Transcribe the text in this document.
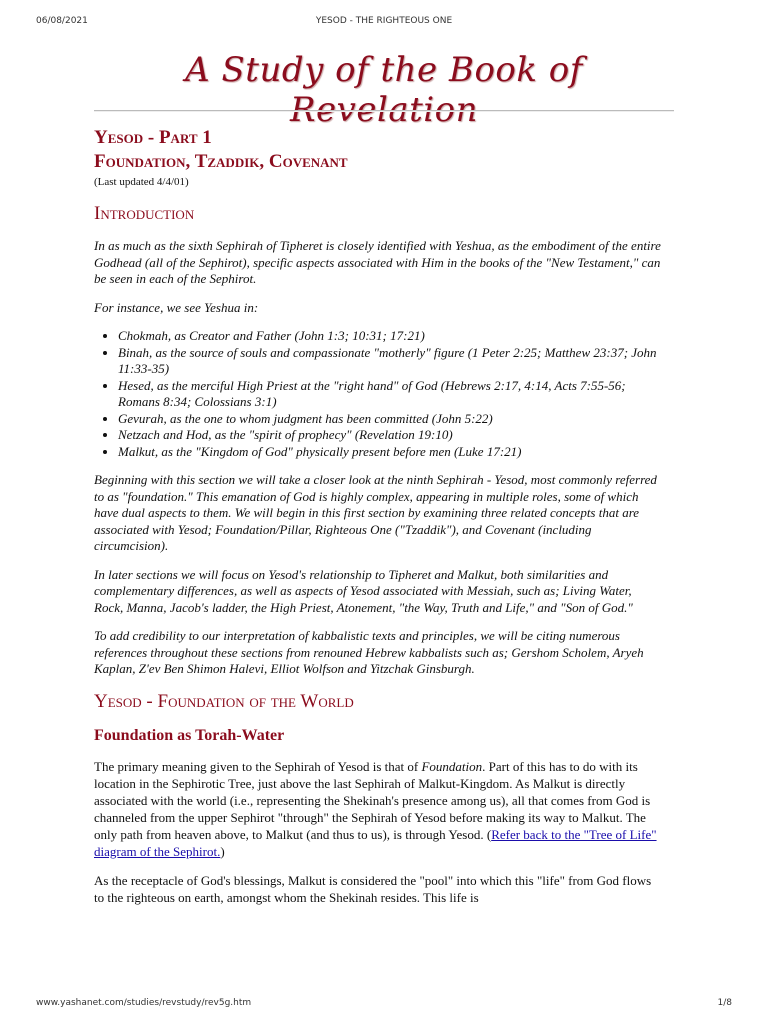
06/08/2021	YESOD - THE RIGHTEOUS ONE
A Study of the Book of Revelation
Yesod - Part 1
Foundation, Tzaddik, Covenant
(Last updated 4/4/01)
Introduction

In as much as the sixth Sephirah of Tipheret is closely identified with Yeshua, as the embodiment of the entire Godhead (all of the Sephirot), specific aspects associated with Him in the books of the "New Testament," can be seen in each of the Sephirot.

For instance, we see Yeshua in:

• Chokmah, as Creator and Father (John 1:3; 10:31; 17:21)
• Binah, as the source of souls and compassionate "motherly" figure (1 Peter 2:25; Matthew 23:37; John 11:33-35)
• Hesed, as the merciful High Priest at the "right hand" of God (Hebrews 2:17, 4:14, Acts 7:55-56; Romans 8:34; Colossians 3:1)
• Gevurah, as the one to whom judgment has been committed (John 5:22)
• Netzach and Hod, as the "spirit of prophecy" (Revelation 19:10)
• Malkut, as the "Kingdom of God" physically present before men (Luke 17:21)

Beginning with this section we will take a closer look at the ninth Sephirah - Yesod, most commonly referred to as "foundation." This emanation of God is highly complex, appearing in multiple roles, some of which have dual aspects to them. We will begin in this first section by examining three related concepts that are associated with Yesod; Foundation/Pillar, Righteous One ("Tzaddik"), and Covenant (including circumcision).

In later sections we will focus on Yesod's relationship to Tipheret and Malkut, both similarities and complementary differences, as well as aspects of Yesod associated with Messiah, such as; Living Water, Rock, Manna, Jacob's ladder, the High Priest, Atonement, "the Way, Truth and Life," and "Son of God."

To add credibility to our interpretation of kabbalistic texts and principles, we will be citing numerous references throughout these sections from renouned Hebrew kabbalists such as; Gershom Scholem, Aryeh Kaplan, Z'ev Ben Shimon Halevi, Elliot Wolfson and Yitzchak Ginsburgh.

Yesod - Foundation of the World
Foundation as Torah-Water

The primary meaning given to the Sephirah of Yesod is that of Foundation. Part of this has to do with its location in the Sephirotic Tree, just above the last Sephirah of Malkut-Kingdom. As Malkut is directly associated with the world (i.e., representing the Shekinah's presence among us), all that comes from God is channeled from the upper Sephirot "through" the Sephirah of Yesod before making its way to Malkut. The only path from heaven above, to Malkut (and thus to us), is through Yesod. (Refer back to the "Tree of Life" diagram of the Sephirot.)

As the receptacle of God's blessings, Malkut is considered the "pool" into which this "life" from God flows to the righteous on earth, amongst whom the Shekinah resides. This life is

www.yashanet.com/studies/revstudy/rev5g.htm	1/8
